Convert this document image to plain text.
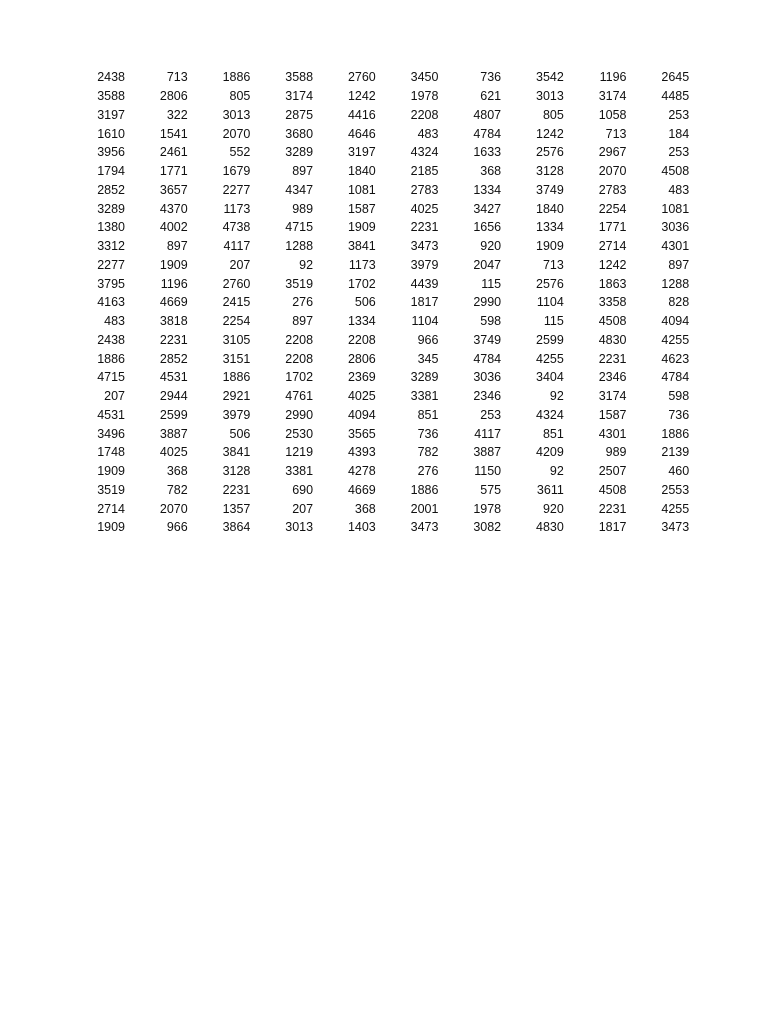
2438	713	1886	3588	2760	3450	736	3542	1196	2645
3588	2806	805	3174	1242	1978	621	3013	3174	4485
3197	322	3013	2875	4416	2208	4807	805	1058	253
1610	1541	2070	3680	4646	483	4784	1242	713	184
3956	2461	552	3289	3197	4324	1633	2576	2967	253
1794	1771	1679	897	1840	2185	368	3128	2070	4508
2852	3657	2277	4347	1081	2783	1334	3749	2783	483
3289	4370	1173	989	1587	4025	3427	1840	2254	1081
1380	4002	4738	4715	1909	2231	1656	1334	1771	3036
3312	897	4117	1288	3841	3473	920	1909	2714	4301
2277	1909	207	92	1173	3979	2047	713	1242	897
3795	1196	2760	3519	1702	4439	115	2576	1863	1288
4163	4669	2415	276	506	1817	2990	1104	3358	828
483	3818	2254	897	1334	1104	598	115	4508	4094
2438	2231	3105	2208	2208	966	3749	2599	4830	4255
1886	2852	3151	2208	2806	345	4784	4255	2231	4623
4715	4531	1886	1702	2369	3289	3036	3404	2346	4784
207	2944	2921	4761	4025	3381	2346	92	3174	598
4531	2599	3979	2990	4094	851	253	4324	1587	736
3496	3887	506	2530	3565	736	4117	851	4301	1886
1748	4025	3841	1219	4393	782	3887	4209	989	2139
1909	368	3128	3381	4278	276	1150	92	2507	460
3519	782	2231	690	4669	1886	575	3611	4508	2553
2714	2070	1357	207	368	2001	1978	920	2231	4255
1909	966	3864	3013	1403	3473	3082	4830	1817	3473
